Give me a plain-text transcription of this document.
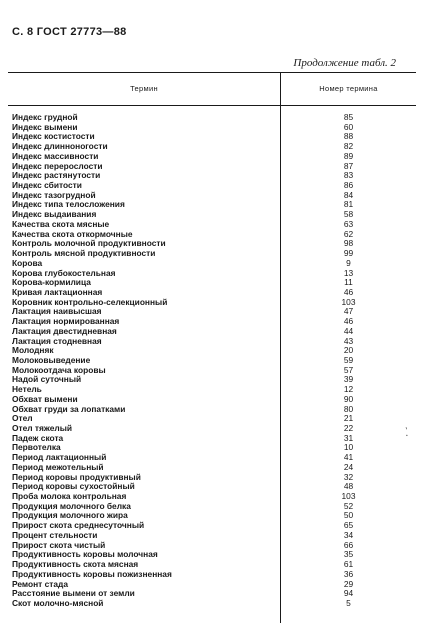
С. 8 ГОСТ 27773—88
Продолжение табл. 2
Термин	Номер термина

Индекс грудной	85
Индекс вымени	60
Индекс костистости	88
Индекс длинноногости	82
Индекс массивности	89
Индекс перерослости	87
Индекс растянутости	83
Индекс сбитости	86
Индекс тазогрудной	84
Индекс типа телосложения	81
Индекс выдаивания	58
Качества скота мясные	63
Качества скота откормочные	62
Контроль молочной продуктивности	98
Контроль мясной продуктивности	99
Корова	9
Корова глубокостельная	13
Корова-кормилица	11
Кривая лактационная	46
Коровник контрольно-селекционный	103
Лактация наивысшая	47
Лактация нормированная	46
Лактация двестидневная	44
Лактация стодневная	43
Молодняк	20
Молоковыведение	59
Молокоотдача коровы	57
Надой суточный	39
Нетель	12
Обхват вымени	90
Обхват груди за лопатками	80
Отел	21
Отел тяжелый	22
Падеж скота	31
Первотелка	10
Период лактационный	41
Период межотельный	24
Период коровы продуктивный	32
Период коровы сухостойный	48
Проба молока контрольная	103
Продукция молочного белка	52
Продукция молочного жира	50
Прирост скота среднесуточный	65
Процент стельности	34
Прирост скота чистый	66
Продуктивность коровы молочная	35
Продуктивность скота мясная	61
Продуктивность коровы пожизненная	36
Ремонт стада	29
Расстояние вымени от земли	94
Скот молочно-мясной	5
`.
